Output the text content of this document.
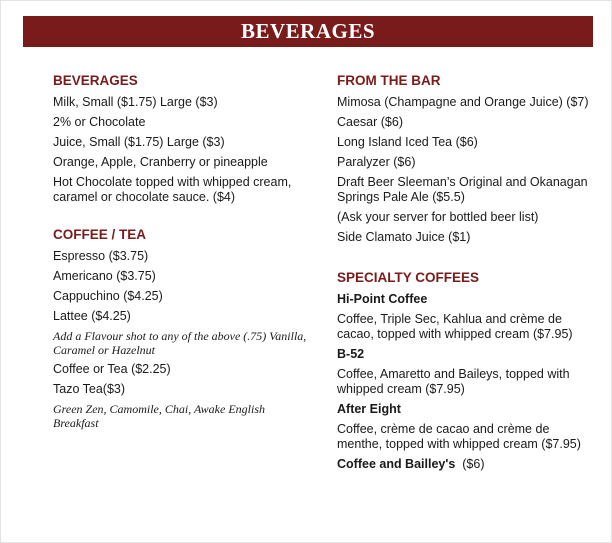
BEVERAGES
BEVERAGES
Milk, Small ($1.75) Large ($3)
2% or Chocolate
Juice, Small ($1.75) Large ($3)
Orange, Apple, Cranberry or pineapple
Hot Chocolate topped with whipped cream, caramel or chocolate sauce. ($4)
COFFEE / TEA
Espresso ($3.75)
Americano ($3.75)
Cappuchino ($4.25)
Lattee ($4.25)
Add a Flavour shot to any of the above (.75) Vanilla, Caramel or Hazelnut
Coffee or Tea ($2.25)
Tazo Tea($3)
Green Zen, Camomile, Chai, Awake English Breakfast
FROM THE BAR
Mimosa (Champagne and Orange Juice) ($7)
Caesar ($6)
Long Island Iced Tea ($6)
Paralyzer ($6)
Draft Beer Sleeman’s Original and Okanagan Springs Pale Ale ($5.5)
(Ask your server for bottled beer list)
Side Clamato Juice ($1)
SPECIALTY COFFEES
Hi-Point Coffee
Coffee, Triple Sec, Kahlua and crème de cacao, topped with whipped cream ($7.95)
B-52
Coffee, Amaretto and Baileys, topped with whipped cream ($7.95)
After Eight
Coffee, crème de cacao and crème de menthe, topped with whipped cream ($7.95)
Coffee and Bailley's ($6)
